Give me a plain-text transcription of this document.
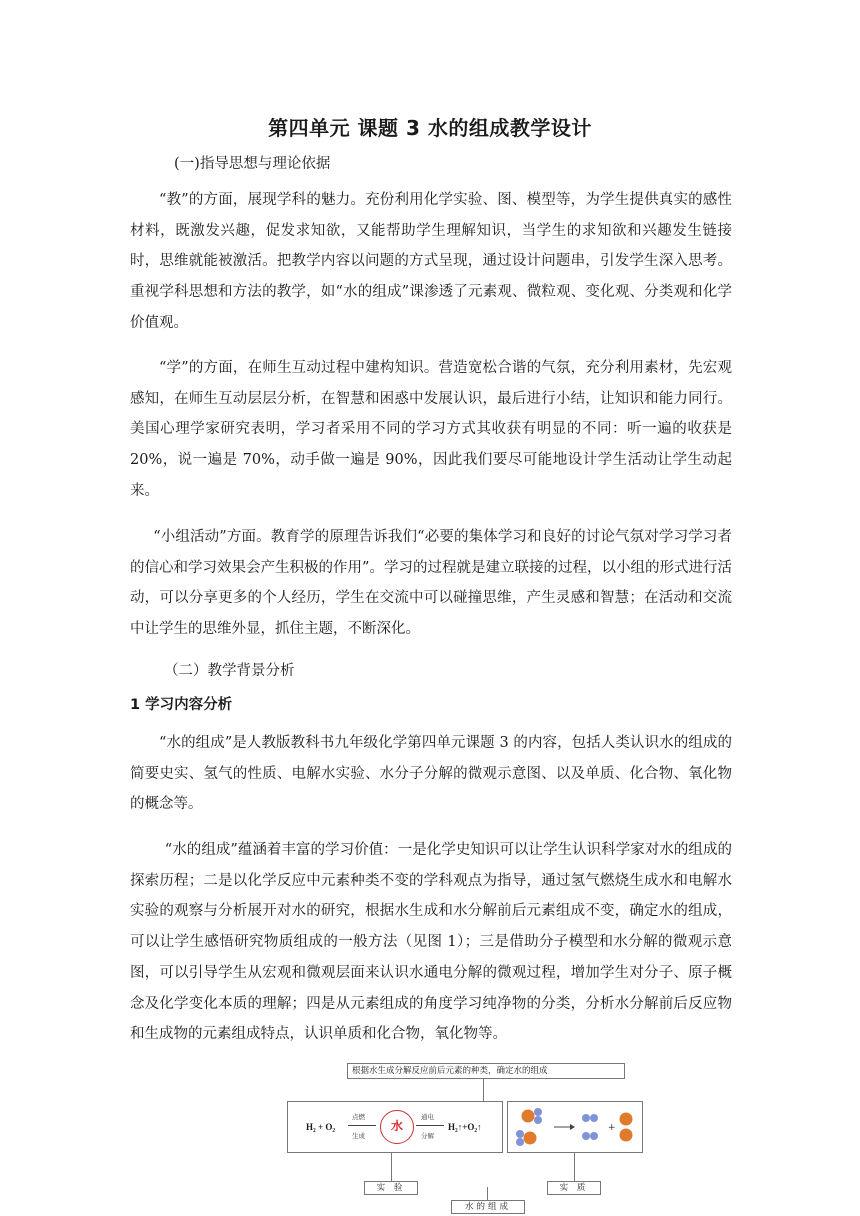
第四单元 课题 3 水的组成教学设计

(一)指导思想与理论依据

“教”的方面，展现学科的魅力。充份利用化学实验、图、模型等，为学生提供真实的感性材料，既激发兴趣，促发求知欲，又能帮助学生理解知识，当学生的求知欲和兴趣发生链接时，思维就能被激活。把教学内容以问题的方式呈现，通过设计问题串，引发学生深入思考。重视学科思想和方法的教学，如“水的组成”课渗透了元素观、微粒观、变化观、分类观和化学价值观。

“学”的方面，在师生互动过程中建构知识。营造宽松合谐的气氛，充分利用素材，先宏观感知，在师生互动层层分析，在智慧和困惑中发展认识，最后进行小结，让知识和能力同行。美国心理学家研究表明，学习者采用不同的学习方式其收获有明显的不同：听一遍的收获是 20%，说一遍是 70%，动手做一遍是 90%，因此我们要尽可能地设计学生活动让学生动起来。

“小组活动”方面。教育学的原理告诉我们“必要的集体学习和良好的讨论气氛对学习学习者的信心和学习效果会产生积极的作用”。学习的过程就是建立联接的过程，以小组的形式进行活动，可以分享更多的个人经历，学生在交流中可以碰撞思维，产生灵感和智慧；在活动和交流中让学生的思维外显，抓住主题，不断深化。

（二）教学背景分析

1 学习内容分析

“水的组成”是人教版教科书九年级化学第四单元课题 3 的内容，包括人类认识水的组成的简要史实、氢气的性质、电解水实验、水分子分解的微观示意图、以及单质、化合物、氧化物的概念等。

“水的组成”蕴涵着丰富的学习价值：一是化学史知识可以让学生认识科学家对水的组成的探索历程；二是以化学反应中元素种类不变的学科观点为指导，通过氢气燃烧生成水和电解水实验的观察与分析展开对水的研究，根据水生成和水分解前后元素组成不变，确定水的组成，可以让学生感悟研究物质组成的一般方法（见图 1）；三是借助分子模型和水分解的微观示意图，可以引导学生从宏观和微观层面来认识水通电分解的微观过程，增加学生对分子、原子概念及化学变化本质的理解；四是从元素组成的角度学习纯净物的分类，分析水分解前后反应物和生成物的元素组成特点，认识单质和化合物，氧化物等。

根据水生成分解反应前后元素的种类，确定水的组成
H₂ + O₂
点燃
生成
水
通电
分解
H₂↑+O₂↑	+
实 验	实 质
水的组成
